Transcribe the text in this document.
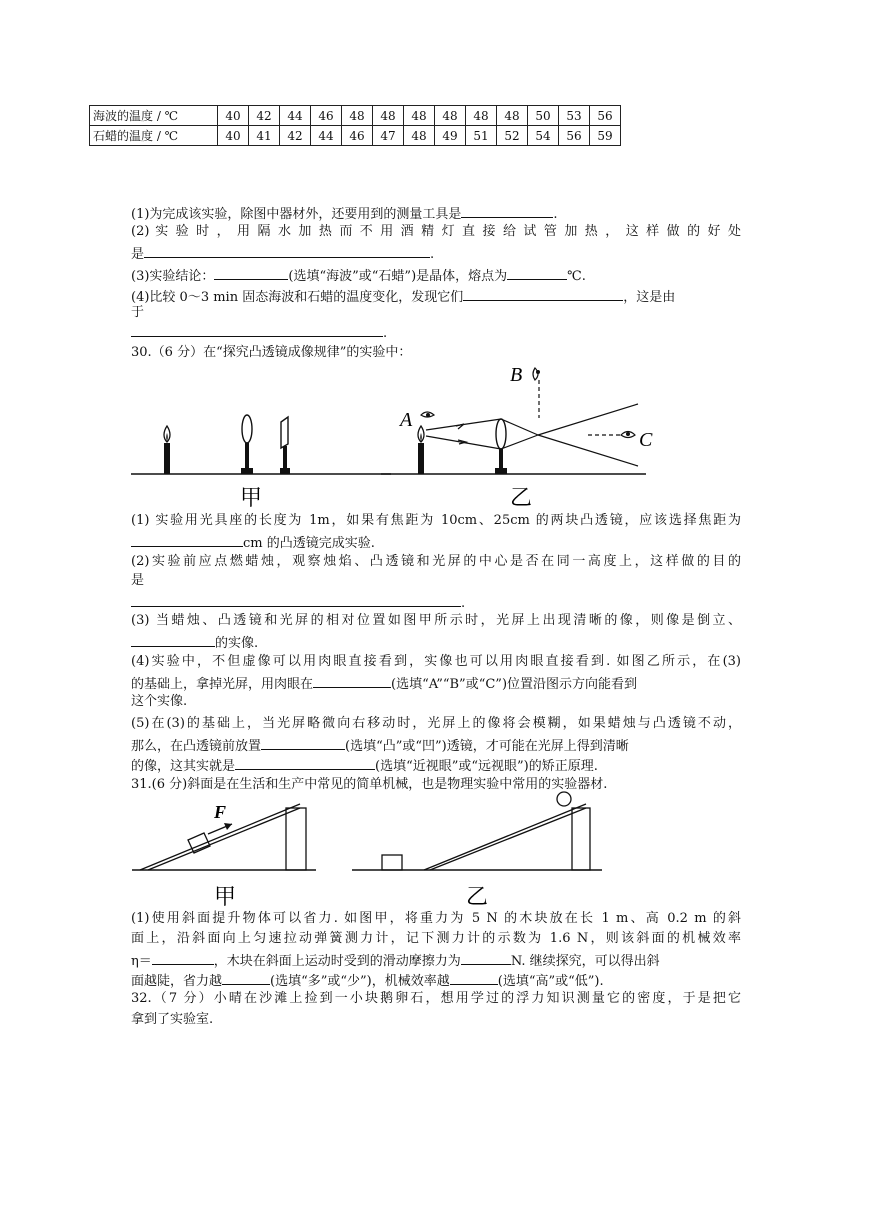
海波的温度 / ℃	40	42	44	46	48	48	48	48	48	48	50	53	56
石蜡的温度 / ℃	40	41	42	44	46	47	48	49	51	52	54	56	59
(1)为完成该实验，除图中器材外，还要用到的测量工具是	.
(2) 实 验 时 ， 用 隔 水 加 热 而 不 用 酒 精 灯 直 接 给 试 管 加 热 ， 这 样 做 的 好 处
是	.
(3)实验结论：	(选填“海波”或“石蜡”)是晶体，熔点为	℃.
(4)比较 0～3 min 固态海波和石蜡的温度变化，发现它们	，这是由
于
.
30.（6 分）在“探究凸透镜成像规律”的实验中：
A
B
C
甲	乙
(1) 实验用光具座的长度为 1m，如果有焦距为 10cm、25cm 的两块凸透镜，应该选择焦距为
cm 的凸透镜完成实验.
(2)实验前应点燃蜡烛，观察烛焰、凸透镜和光屏的中心是否在同一高度上，这样做的目的
是
.
(3) 当蜡烛、凸透镜和光屏的相对位置如图甲所示时，光屏上出现清晰的像，则像是倒立、
的实像.
(4)实验中，不但虚像可以用肉眼直接看到，实像也可以用肉眼直接看到. 如图乙所示，在(3)
的基础上，拿掉光屏，用肉眼在	(选填“A”“B”或“C”)位置沿图示方向能看到
这个实像.
(5)在(3)的基础上，当光屏略微向右移动时，光屏上的像将会模糊，如果蜡烛与凸透镜不动，
那么，在凸透镜前放置	(选填“凸”或“凹”)透镜，才可能在光屏上得到清晰
的像，这其实就是	(选填“近视眼”或“远视眼”)的矫正原理.
31.(6 分)斜面是在生活和生产中常见的简单机械，也是物理实验中常用的实验器材.
F
甲	乙
(1)使用斜面提升物体可以省力. 如图甲，将重力为 5 N 的木块放在长 1 m、高 0.2 m 的斜
面上，沿斜面向上匀速拉动弹簧测力计，记下测力计的示数为 1.6 N，则该斜面的机械效率
η＝	，木块在斜面上运动时受到的滑动摩擦力为	N. 继续探究，可以得出斜
面越陡，省力越	(选填“多”或“少”)，机械效率越	(选填“高”或“低”).
32.（7 分）小晴在沙滩上捡到一小块鹅卵石，想用学过的浮力知识测量它的密度，于是把它
拿到了实验室.
